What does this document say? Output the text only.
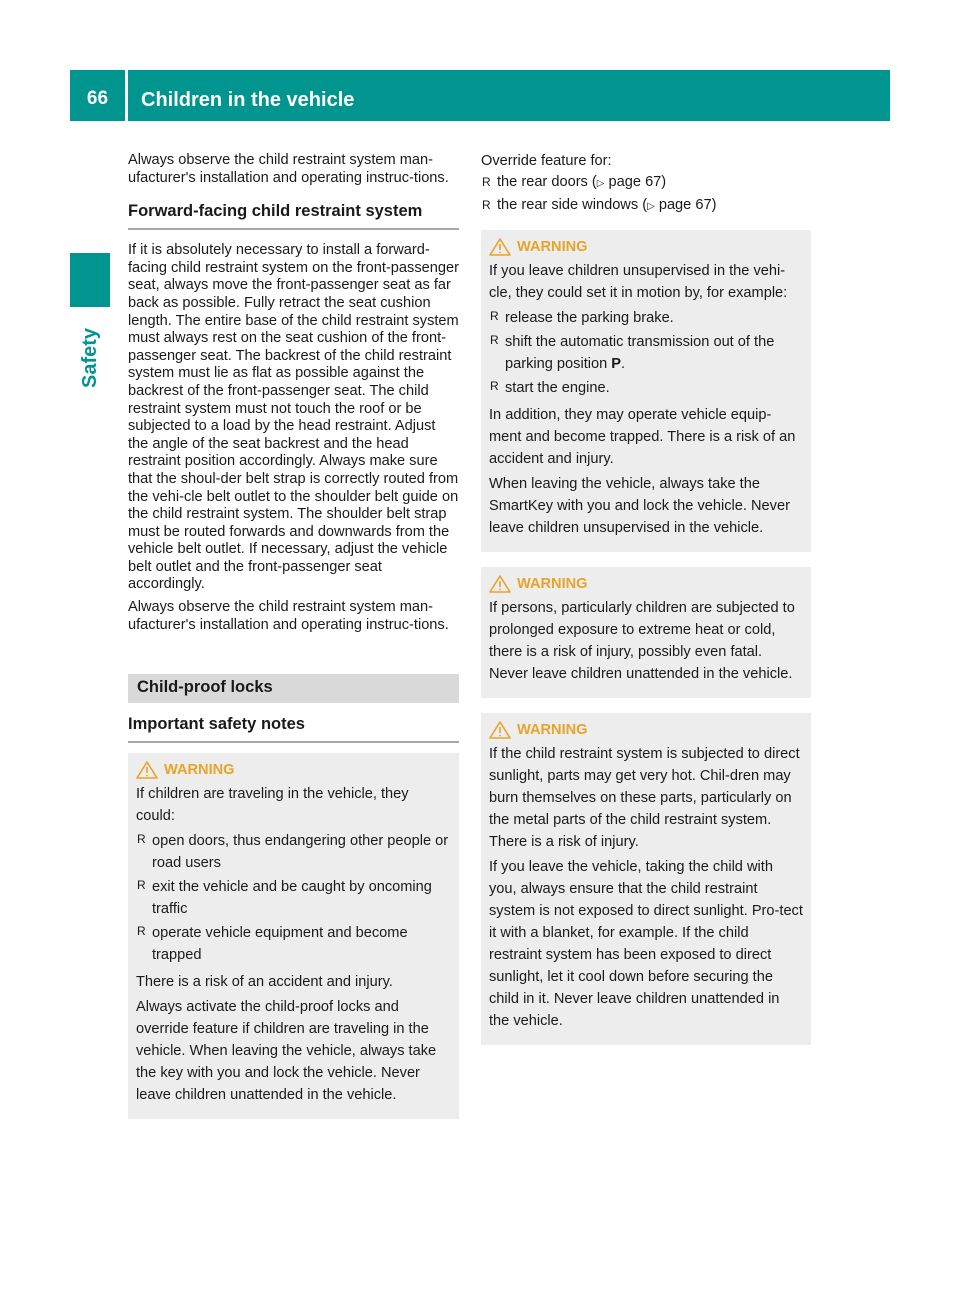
66	Children in the vehicle
Safety

Always observe the child restraint system man-ufacturer's installation and operating instruc-tions.

Forward-facing child restraint system

If it is absolutely necessary to install a forward-facing child restraint system on the front-passenger seat, always move the front-passenger seat as far back as possible. Fully retract the seat cushion length. The entire base of the child restraint system must always rest on the seat cushion of the front-passenger seat. The backrest of the child restraint system must lie as flat as possible against the backrest of the front-passenger seat. The child restraint system must not touch the roof or be subjected to a load by the head restraint. Adjust the angle of the seat backrest and the head restraint position accordingly. Always make sure that the shoul-der belt strap is correctly routed from the vehi-cle belt outlet to the shoulder belt guide on the child restraint system. The shoulder belt strap must be routed forwards and downwards from the vehicle belt outlet. If necessary, adjust the vehicle belt outlet and the front-passenger seat accordingly.

Always observe the child restraint system man-ufacturer's installation and operating instruc-tions.

Child-proof locks
Important safety notes
WARNING

If children are traveling in the vehicle, they could:

R open doors, thus endangering other people or road users
R exit the vehicle and be caught by oncoming traffic
R operate vehicle equipment and become trapped

There is a risk of an accident and injury.

Always activate the child-proof locks and override feature if children are traveling in the vehicle. When leaving the vehicle, always take the key with you and lock the vehicle. Never leave children unattended in the vehicle.

Override feature for:

R the rear doors (▷ page 67)
R the rear side windows (▷ page 67)
WARNING

If you leave children unsupervised in the vehi-cle, they could set it in motion by, for example:

R release the parking brake.
R shift the automatic transmission out of the parking position P.
R start the engine.

In addition, they may operate vehicle equip-ment and become trapped. There is a risk of an accident and injury.

When leaving the vehicle, always take the SmartKey with you and lock the vehicle. Never leave children unsupervised in the vehicle.

WARNING

If persons, particularly children are subjected to prolonged exposure to extreme heat or cold, there is a risk of injury, possibly even fatal. Never leave children unattended in the vehicle.

WARNING

If the child restraint system is subjected to direct sunlight, parts may get very hot. Chil-dren may burn themselves on these parts, particularly on the metal parts of the child restraint system. There is a risk of injury.

If you leave the vehicle, taking the child with you, always ensure that the child restraint system is not exposed to direct sunlight. Pro-tect it with a blanket, for example. If the child restraint system has been exposed to direct sunlight, let it cool down before securing the child in it. Never leave children unattended in the vehicle.
